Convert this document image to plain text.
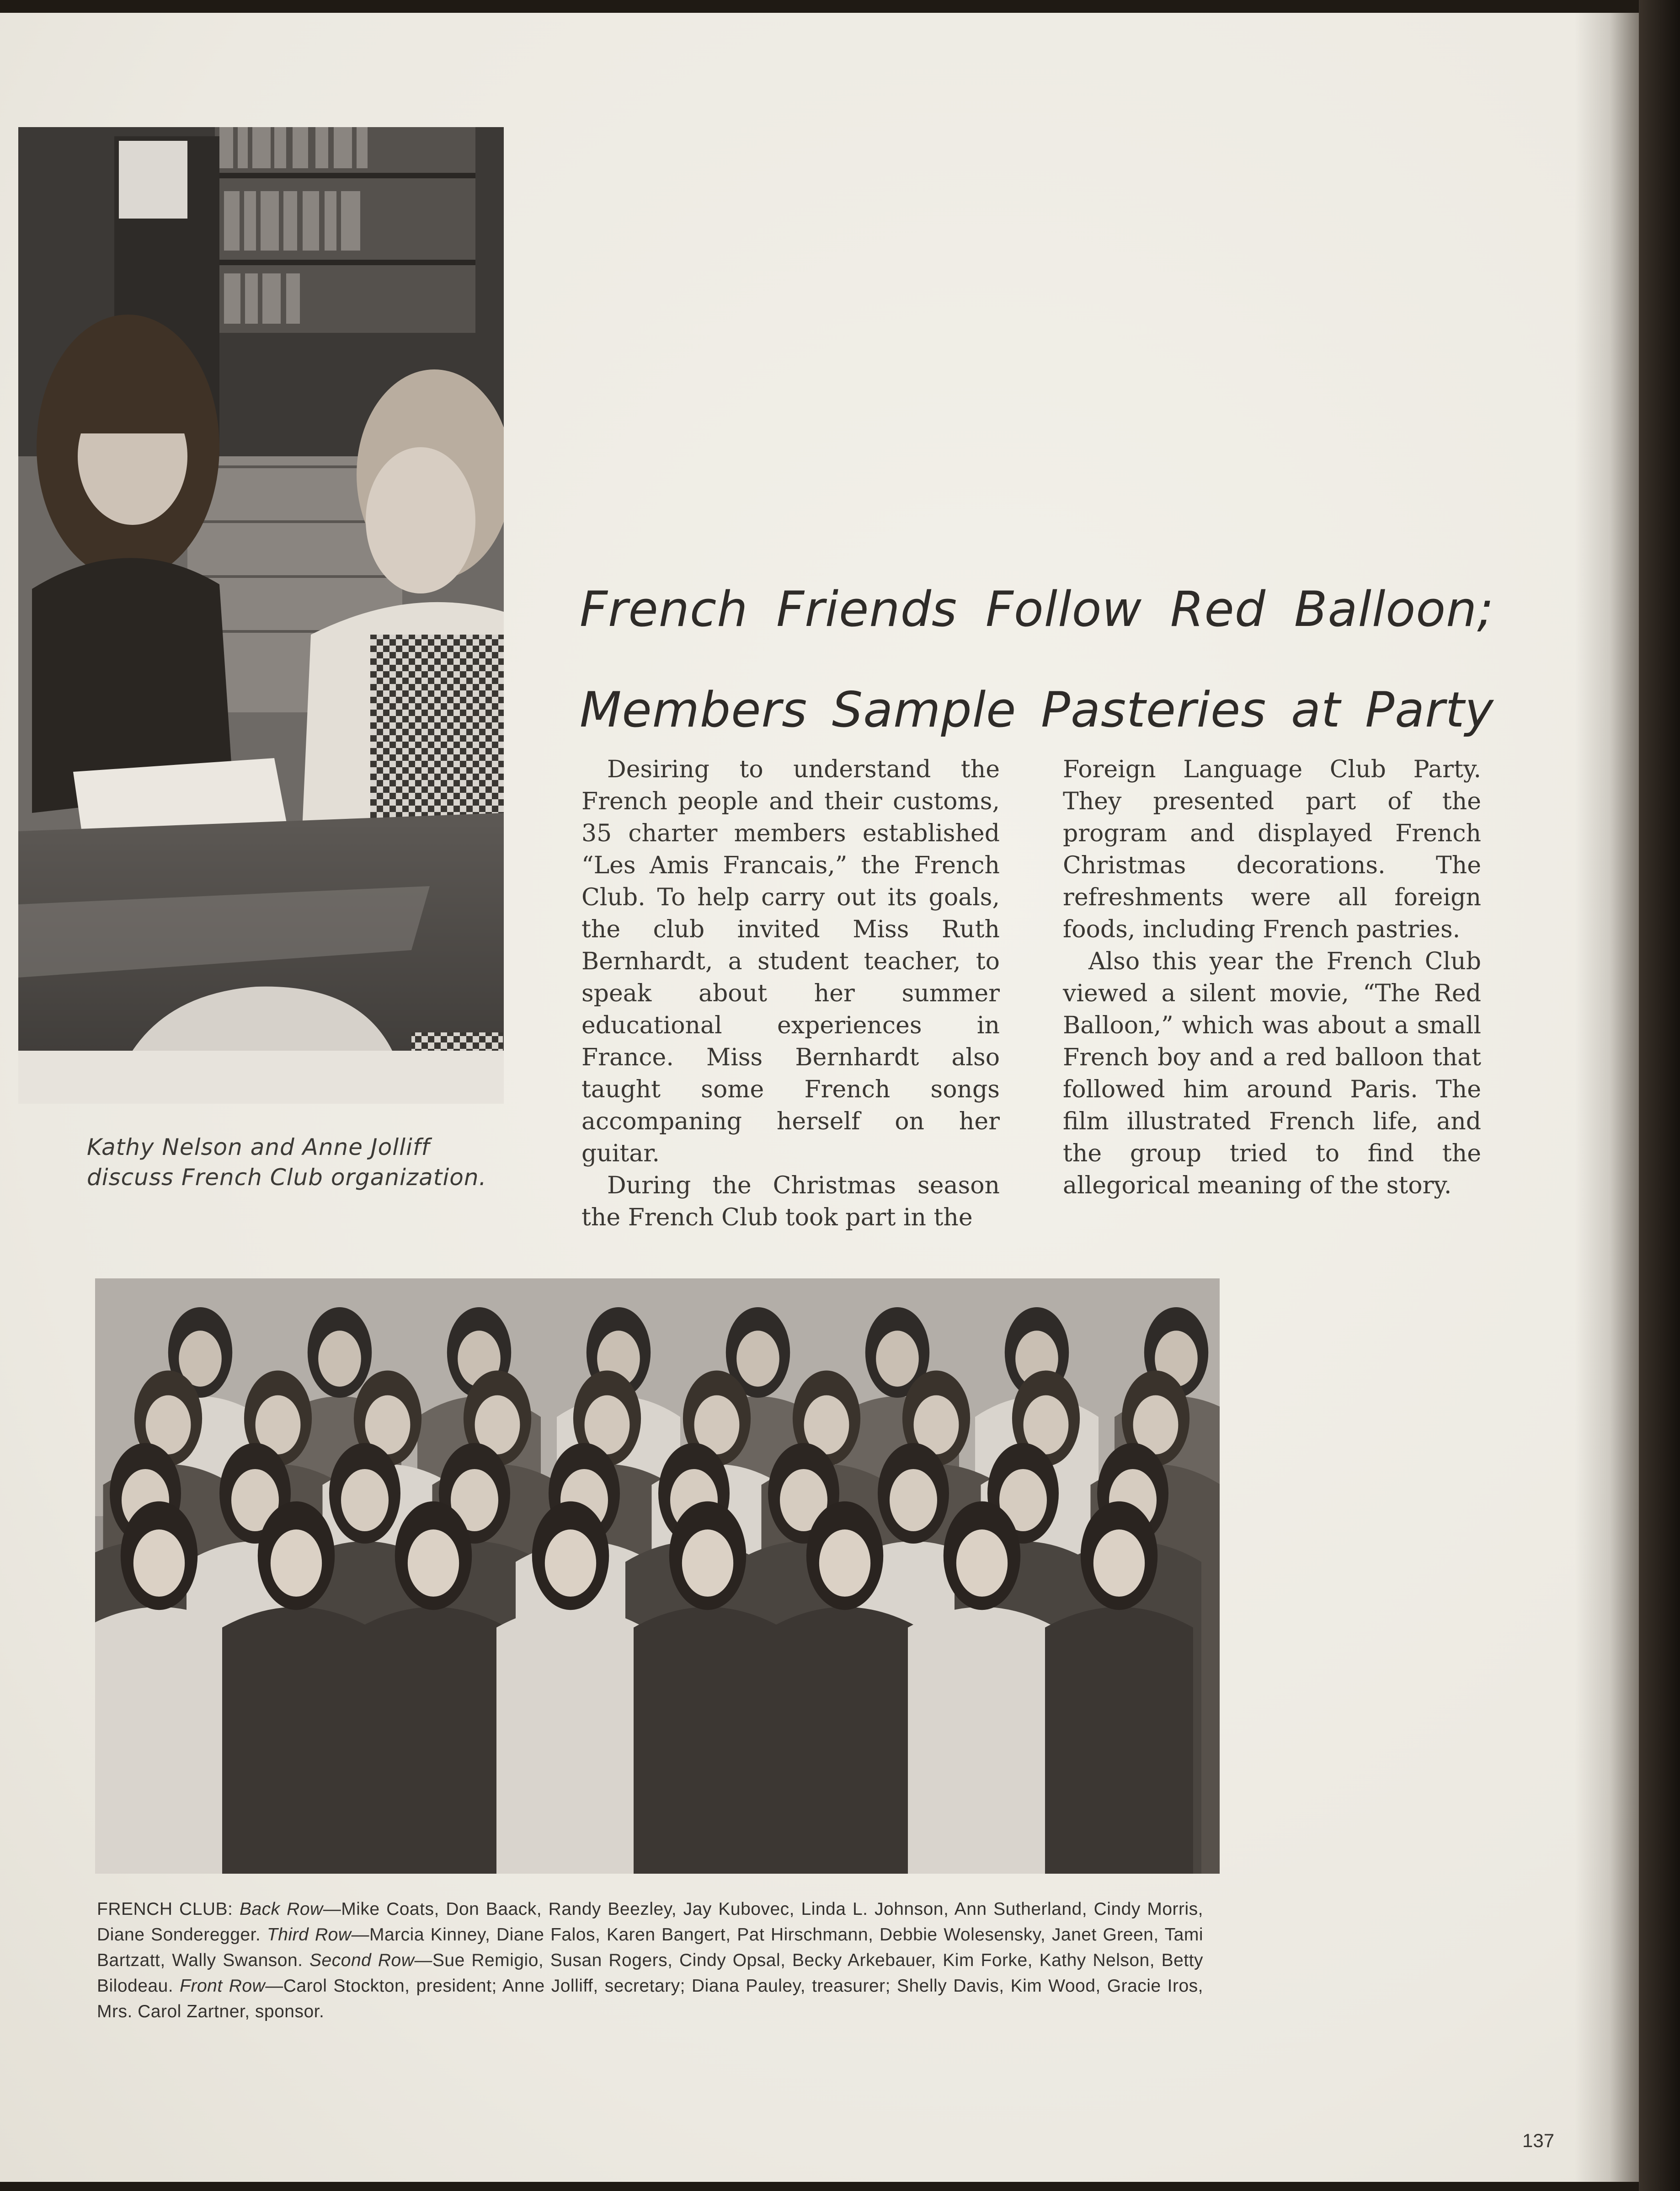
Kathy Nelson and Anne Jolliff discuss French Club organization.
French Friends Follow Red Balloon;
Members Sample Pasteries at Party

Desiring to understand the French people and their customs, 35 charter members established “Les Amis Francais,” the French Club. To help carry out its goals, the club invited Miss Ruth Bernhardt, a student teacher, to speak about her summer educational experiences in France. Miss Bernhardt also taught some French songs accompaning herself on her guitar.

During the Christmas season the French Club took part in the

Foreign Language Club Party. They presented part of the program and displayed French Christmas decorations. The refreshments were all foreign foods, including French pastries.

Also this year the French Club viewed a silent movie, “The Red Balloon,” which was about a small French boy and a red balloon that followed him around Paris. The film illustrated French life, and the group tried to find the allegorical meaning of the story.

FRENCH CLUB: Back Row—Mike Coats, Don Baack, Randy Beezley, Jay Kubovec, Linda L. Johnson, Ann Sutherland, Cindy Morris, Diane Sonderegger. Third Row—Marcia Kinney, Diane Falos, Karen Bangert, Pat Hirschmann, Debbie Wolesensky, Janet Green, Tami Bartzatt, Wally Swanson. Second Row—Sue Remigio, Susan Rogers, Cindy Opsal, Becky Arkebauer, Kim Forke, Kathy Nelson, Betty Bilodeau. Front Row—Carol Stockton, president; Anne Jolliff, secretary; Diana Pauley, treasurer; Shelly Davis, Kim Wood, Gracie Iros, Mrs. Carol Zartner, sponsor.
137
